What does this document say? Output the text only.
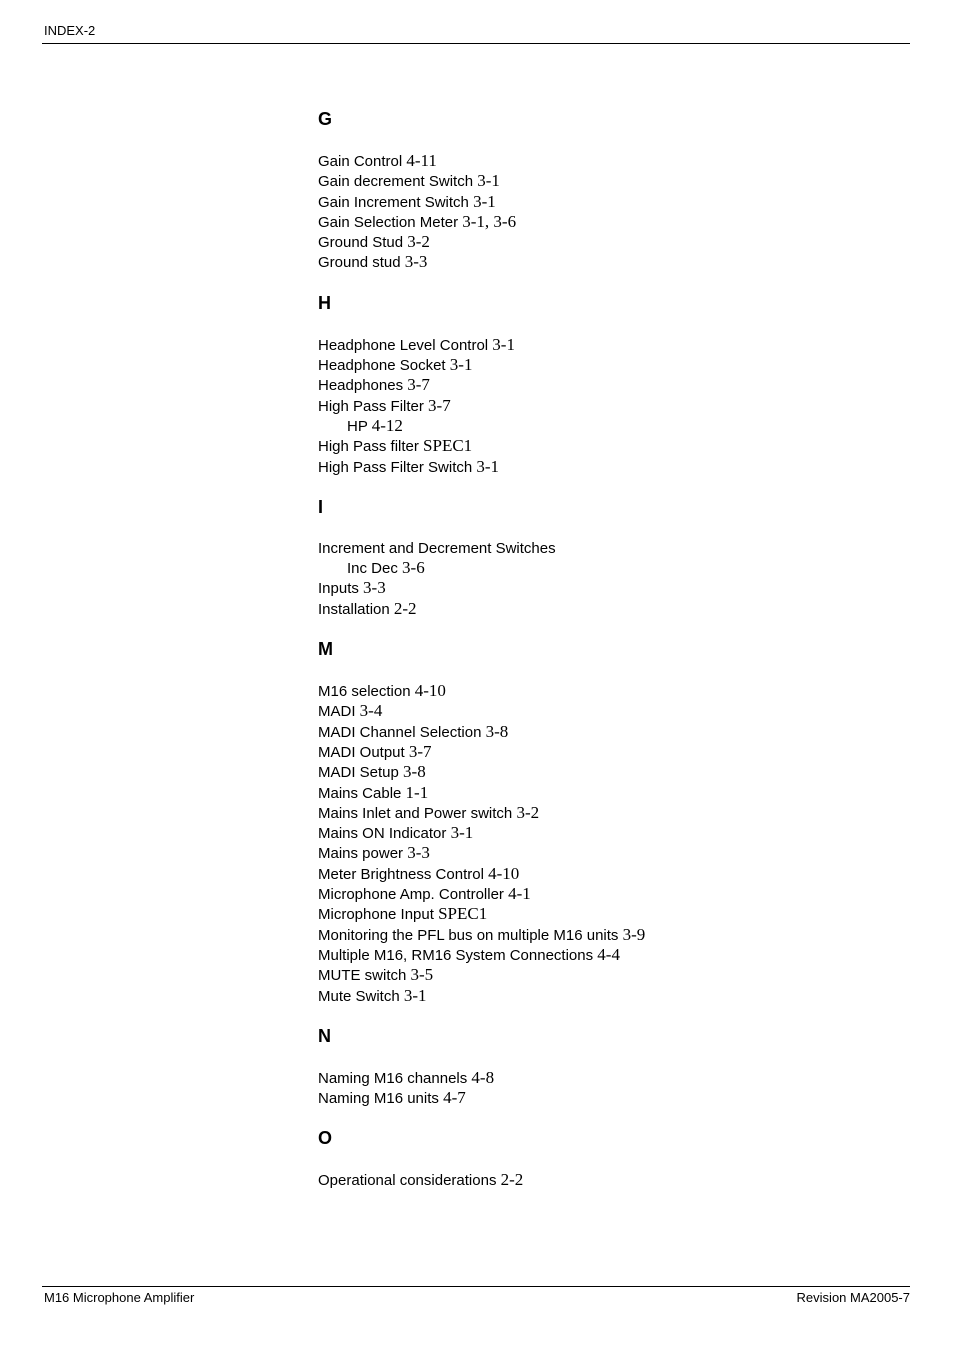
INDEX-2
G
Gain Control 4-11
Gain decrement Switch 3-1
Gain Increment Switch 3-1
Gain Selection Meter 3-1, 3-6
Ground Stud 3-2
Ground stud 3-3
H
Headphone Level Control 3-1
Headphone Socket 3-1
Headphones 3-7
High Pass Filter 3-7
HP 4-12
High Pass filter SPEC1
High Pass Filter Switch 3-1
I
Increment and Decrement Switches
Inc Dec 3-6
Inputs 3-3
Installation 2-2
M
M16 selection 4-10
MADI 3-4
MADI Channel Selection 3-8
MADI Output 3-7
MADI Setup 3-8
Mains Cable 1-1
Mains Inlet and Power switch 3-2
Mains ON Indicator 3-1
Mains power 3-3
Meter Brightness Control 4-10
Microphone Amp. Controller 4-1
Microphone Input SPEC1
Monitoring the PFL bus on multiple M16 units 3-9
Multiple M16, RM16 System Connections 4-4
MUTE switch 3-5
Mute Switch 3-1
N
Naming M16 channels 4-8
Naming M16 units 4-7
O
Operational considerations 2-2
M16 Microphone Amplifier	Revision MA2005-7
